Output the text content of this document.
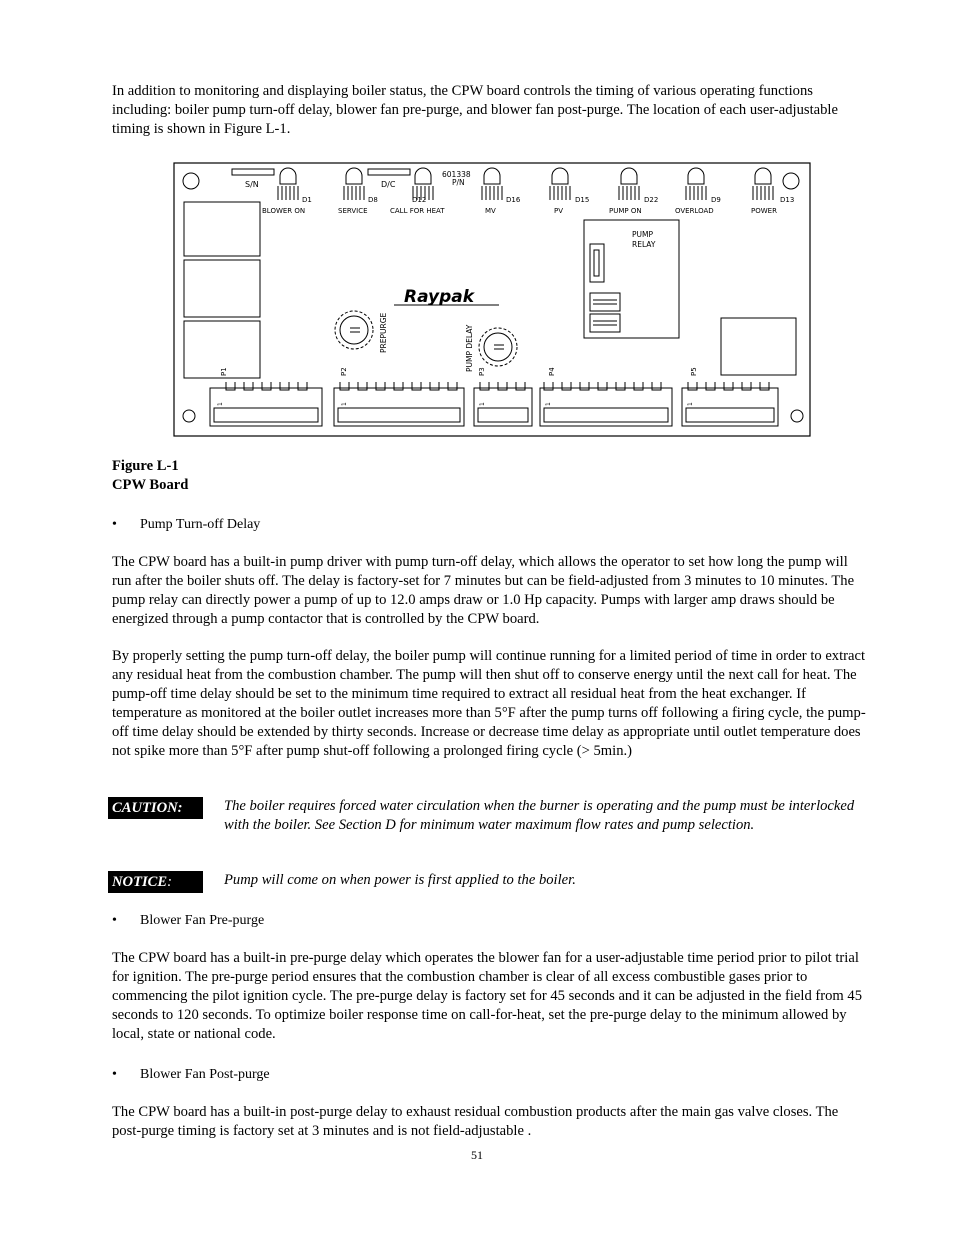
In addition to monitoring and displaying boiler status, the CPW board controls the timing of various operating functions including: boiler pump turn-off delay, blower fan pre-purge, and blower fan post-purge. The location of each user-adjustable timing is shown in Figure L-1.

S/N	D/C
601338
P/N
D1
BLOWER ON
D8
SERVICE
D12
CALL FOR HEAT
D16
MV
D15
PV
D22
PUMP ON
D9
OVERLOAD
D13
POWER
PUMP
RELAY
Raypak
PREPURGE	PUMP DELAY
P1
1
P2
1
P3
1
P4
1
P5
1
Figure L-1
CPW Board
• Pump Turn-off Delay

The CPW board has a built-in pump driver with pump turn-off delay, which allows the operator to set how long the pump will run after the boiler shuts off. The delay is factory-set for 7 minutes but can be field-adjusted from 3 minutes to 10 minutes. The pump relay can directly power a pump of up to 12.0 amps draw or 1.0 Hp capacity. Pumps with larger amp draws should be energized through a pump contactor that is controlled by the CPW board.

By properly setting the pump turn-off delay, the boiler pump will continue running for a limited period of time in order to extract any residual heat from the combustion chamber. The pump will then shut off to conserve energy until the next call for heat. The pump-off time delay should be set to the minimum time required to extract all residual heat from the heat exchanger. If temperature as monitored at the boiler outlet increases more than 5°F after the pump turns off following a firing cycle, the pump-off time delay should be extended by thirty seconds. Increase or decrease time delay as appropriate until outlet temperature does not spike more than 5°F after pump shut-off following a prolonged firing cycle (> 5min.)

CAUTION:	The boiler requires forced water circulation when the burner is operating and the pump must be interlocked with the boiler. See Section D for minimum water maximum flow rates and pump selection.

NOTICE:	Pump will come on when power is first applied to the boiler.

• Blower Fan Pre-purge

The CPW board has a built-in pre-purge delay which operates the blower fan for a user-adjustable time period prior to pilot trial for ignition. The pre-purge period ensures that the combustion chamber is clear of all excess combustible gases prior to commencing the pilot ignition cycle. The pre-purge delay is factory set for 45 seconds and it can be adjusted in the field from 45 seconds to 120 seconds. To optimize boiler response time on call-for-heat, set the pre-purge delay to the minimum allowed by local, state or national code.

• Blower Fan Post-purge

The CPW board has a built-in post-purge delay to exhaust residual combustion products after the main gas valve closes. The post-purge timing is factory set at 3 minutes and is not field-adjustable .

51
